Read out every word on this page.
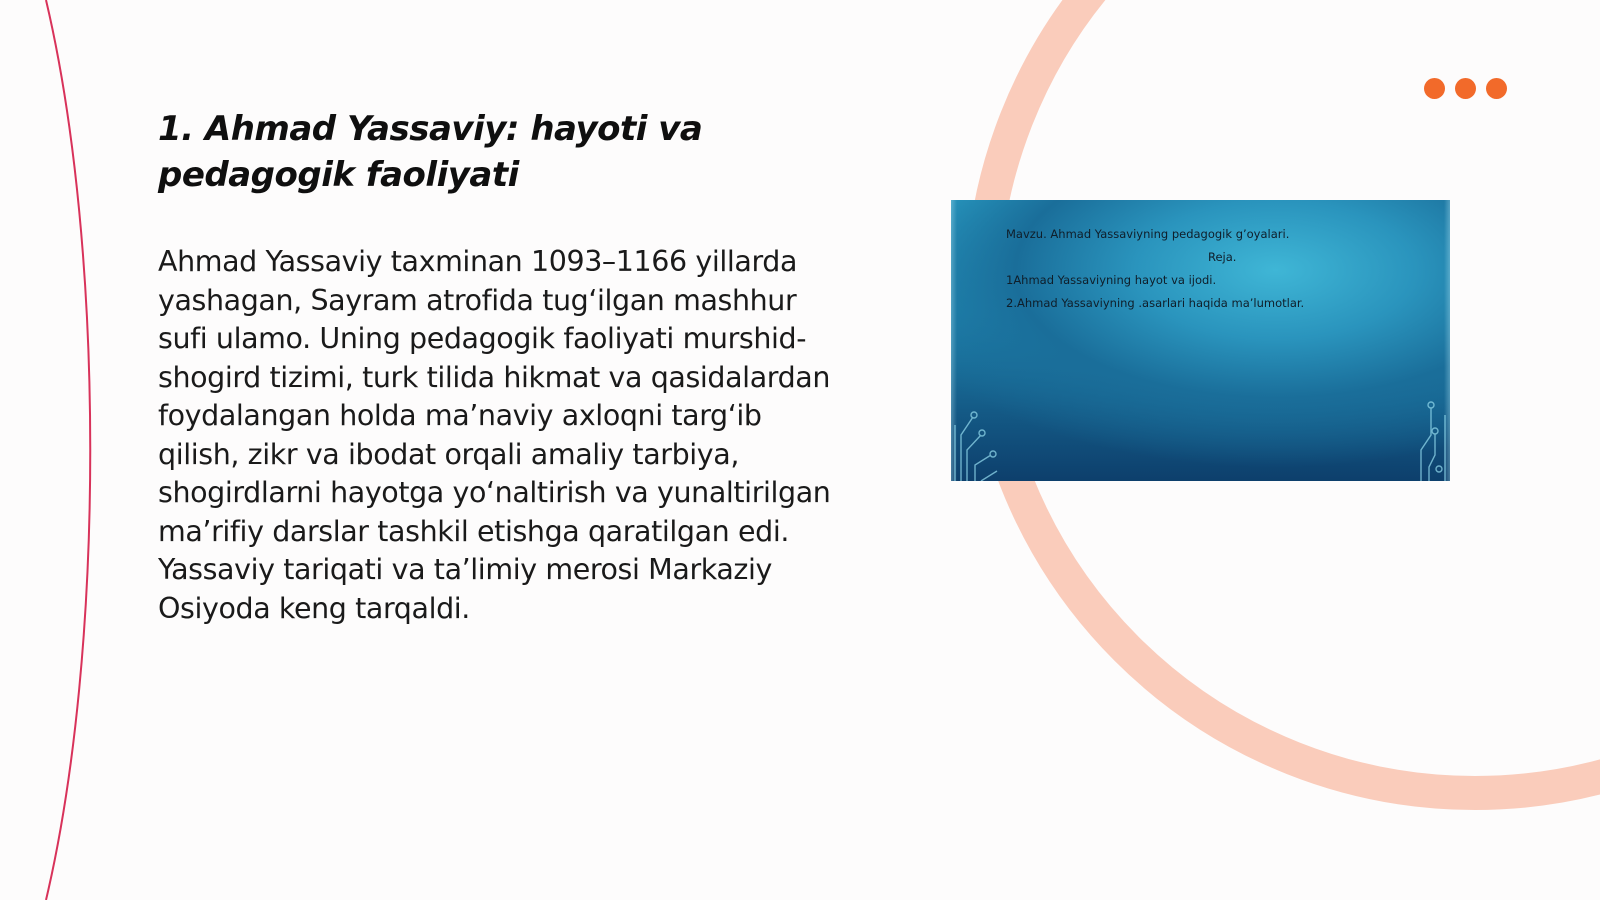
1. Ahmad Yassaviy: hayoti va pedagogik faoliyati

Ahmad Yassaviy taxminan 1093–1166 yillarda yashagan, Sayram atrofida tug‘ilgan mashhur sufi ulamo. Uning pedagogik faoliyati murshid-shogird tizimi, turk tilida hikmat va qasidalardan foydalangan holda ma’naviy axloqni targ‘ib qilish, zikr va ibodat orqali amaliy tarbiya, shogirdlarni hayotga yo‘naltirish va yunaltirilgan ma’rifiy darslar tashkil etishga qaratilgan edi. Yassaviy tariqati va ta’limiy merosi Markaziy Osiyoda keng tarqaldi.

Mavzu. Ahmad Yassaviyning pedagogik g’oyalari.

Reja.

1Ahmad Yassaviyning hayot va ijodi.

2.Ahmad Yassaviyning .asarlari haqida ma’lumotlar.
